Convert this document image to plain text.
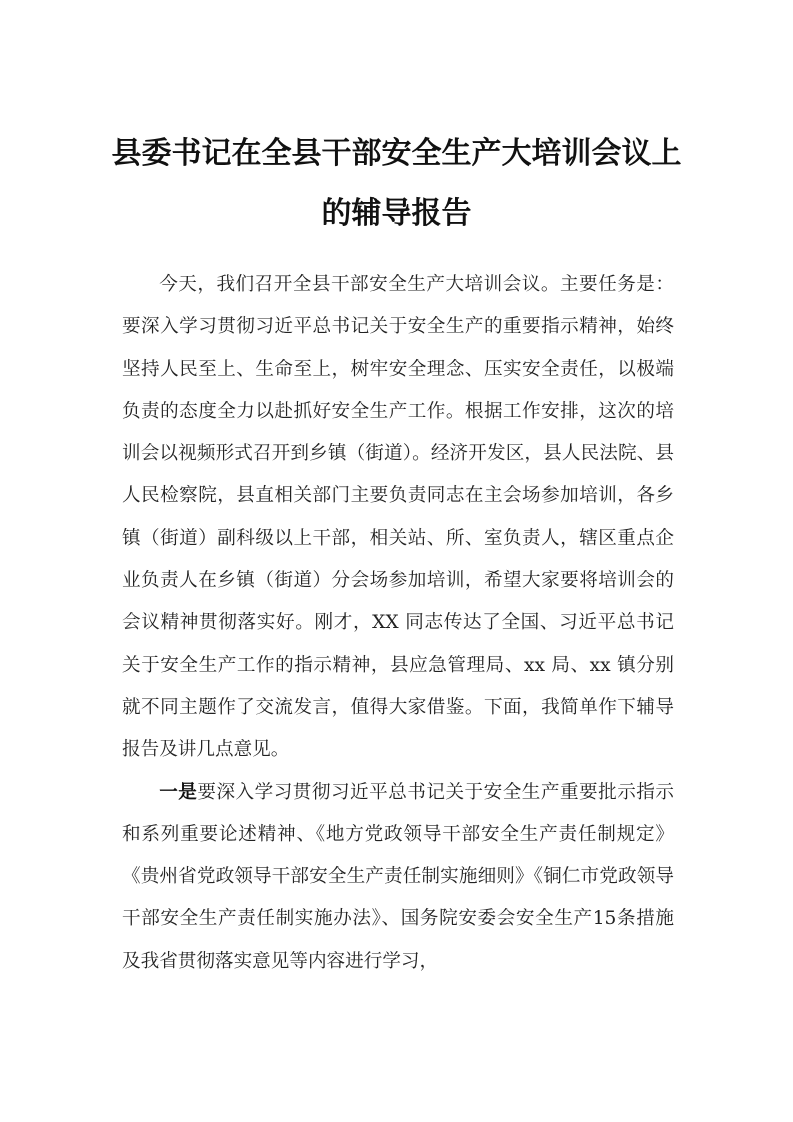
县委书记在全县干部安全生产大培训会议上
的辅导报告

今天，我们召开全县干部安全生产大培训会议。主要任务是：要深入学习贯彻习近平总书记关于安全生产的重要指示精神，始终坚持人民至上、生命至上，树牢安全理念、压实安全责任，以极端负责的态度全力以赴抓好安全生产工作。根据工作安排，这次的培训会以视频形式召开到乡镇（街道）。经济开发区，县人民法院、县人民检察院，县直相关部门主要负责同志在主会场参加培训，各乡镇（街道）副科级以上干部，相关站、所、室负责人，辖区重点企业负责人在乡镇（街道）分会场参加培训，希望大家要将培训会的会议精神贯彻落实好。刚才，XX 同志传达了全国、习近平总书记关于安全生产工作的指示精神，县应急管理局、xx 局、xx 镇分别就不同主题作了交流发言，值得大家借鉴。下面，我简单作下辅导报告及讲几点意见。

一是要深入学习贯彻习近平总书记关于安全生产重要批示指示和系列重要论述精神、《地方党政领导干部安全生产责任制规定》《贵州省党政领导干部安全生产责任制实施细则》《铜仁市党政领导干部安全生产责任制实施办法》、国务院安委会安全生产15条措施及我省贯彻落实意见等内容进行学习，
